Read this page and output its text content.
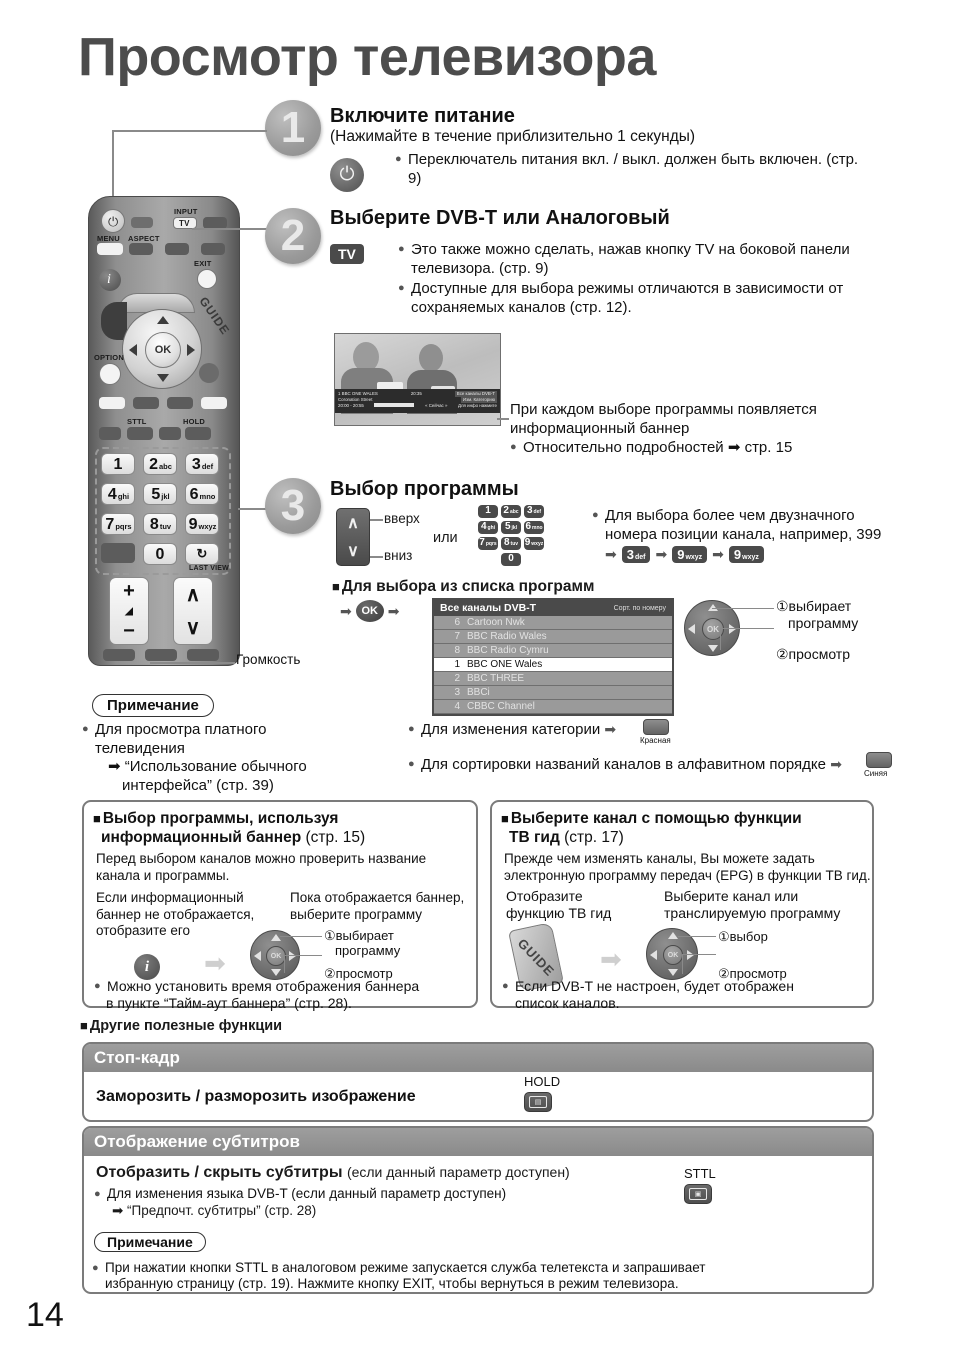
Просмотр телевизора
1	Включите питание
(Нажимайте в течение приблизительно 1 секунды)
⏻
● Переключатель питания вкл. / выкл. должен быть включен. (стр. 9)
⏻
INPUT
TV
MENU ASPECT
EXIT
i
OK
GUIDE
OPTION
STTL	HOLD
1 2 abc 3 def
4 ghi 5 jkl 6 mno
7 pqrs 8 tuv 9 wxyz
0 ↻
LAST VIEW
+
◢
−
∧
∨
Громкость
2	Выберите DVB-T или Аналоговый
TV	● Это также можно сделать, нажав кнопку TV на боковой панели телевизора. (стр. 9)
● Доступные для выбора режимы отличаются в зависимости от сохраняемых каналов (стр. 12).
1 BBC ONE WALES	20:35	Все каналы DVB-T
Coronation Street	Изм. Категорию
20:00 - 20:55	« Сейчас » Для инфо нажмите При каждом выборе программы появляется
информационный баннер
● Относительно подробностей ➡ стр. 15
3	Выбор программы
∧
∨
вверх
вниз
или
1 2 abc 3 def
4 ghi 5 jkl 6 mno
7 pqrs 8 tuv 9 wxyz
0
● Для выбора более чем двузначного
номера позиции канала, например, 399
➡ $3_{def}$ ➡ $9_{wxyz}$ ➡ $9_{wxyz}$
■ Для выбора из списка программ
➡ OK ➡	Все каналы DVB-T	Сорт. по номеру
6 Cartoon Nwk
7 BBC Radio Wales
8 BBC Radio Cymru
1 BBC ONE Wales
2 BBC THREE
3 BBCi
4 CBBC Channel
OK
①выбирает
программу
②просмотр
● Для изменения категории ➡
Красная
● Для сортировки названий каналов в алфавитном порядке ➡
Синяя
Примечание
● Для просмотра платного
телевидения
➡ “Использование обычного
интерфейса” (стр. 39)
■ Выбор программы, используя
информационный баннер (стр. 15)
Перед выбором каналов можно проверить название
канала и программы.
Если информационный
баннер не отображается,
отобразите его
i
Пока отображается баннер,
выберите программу
➡	OK
①выбирает
программу
②просмотр
● Можно установить время отображения баннера
в пункте “Тайм-аут баннера” (стр. 28).
■ Выберите канал с помощью функции
ТВ гид (стр. 17)
Прежде чем изменять каналы, Вы можете задать
электронную программу передач (EPG) в функции ТВ гид.
Отобразите
функцию ТВ гид
Выберите канал или
транслируемую программу
GUIDE ➡	OK
①выбор
②просмотр
● Если DVB-T не настроен, будет отображен
список каналов.
■ Другие полезные функции
Стоп-кадр
Заморозить / разморозить изображение
HOLD
▤
Отображение субтитров
Отобразить / скрыть субтитры (если данный параметр доступен)
● Для изменения языка DVB-T (если данный параметр доступен)
➡ “Предпочт. субтитры” (стр. 28)
STTL
▣
Примечание
● При нажатии кнопки STTL в аналоговом режиме запускается служба телетекста и запрашивает
избранную страницу (стр. 19). Нажмите кнопку EXIT, чтобы вернуться в режим телевизора.
14
